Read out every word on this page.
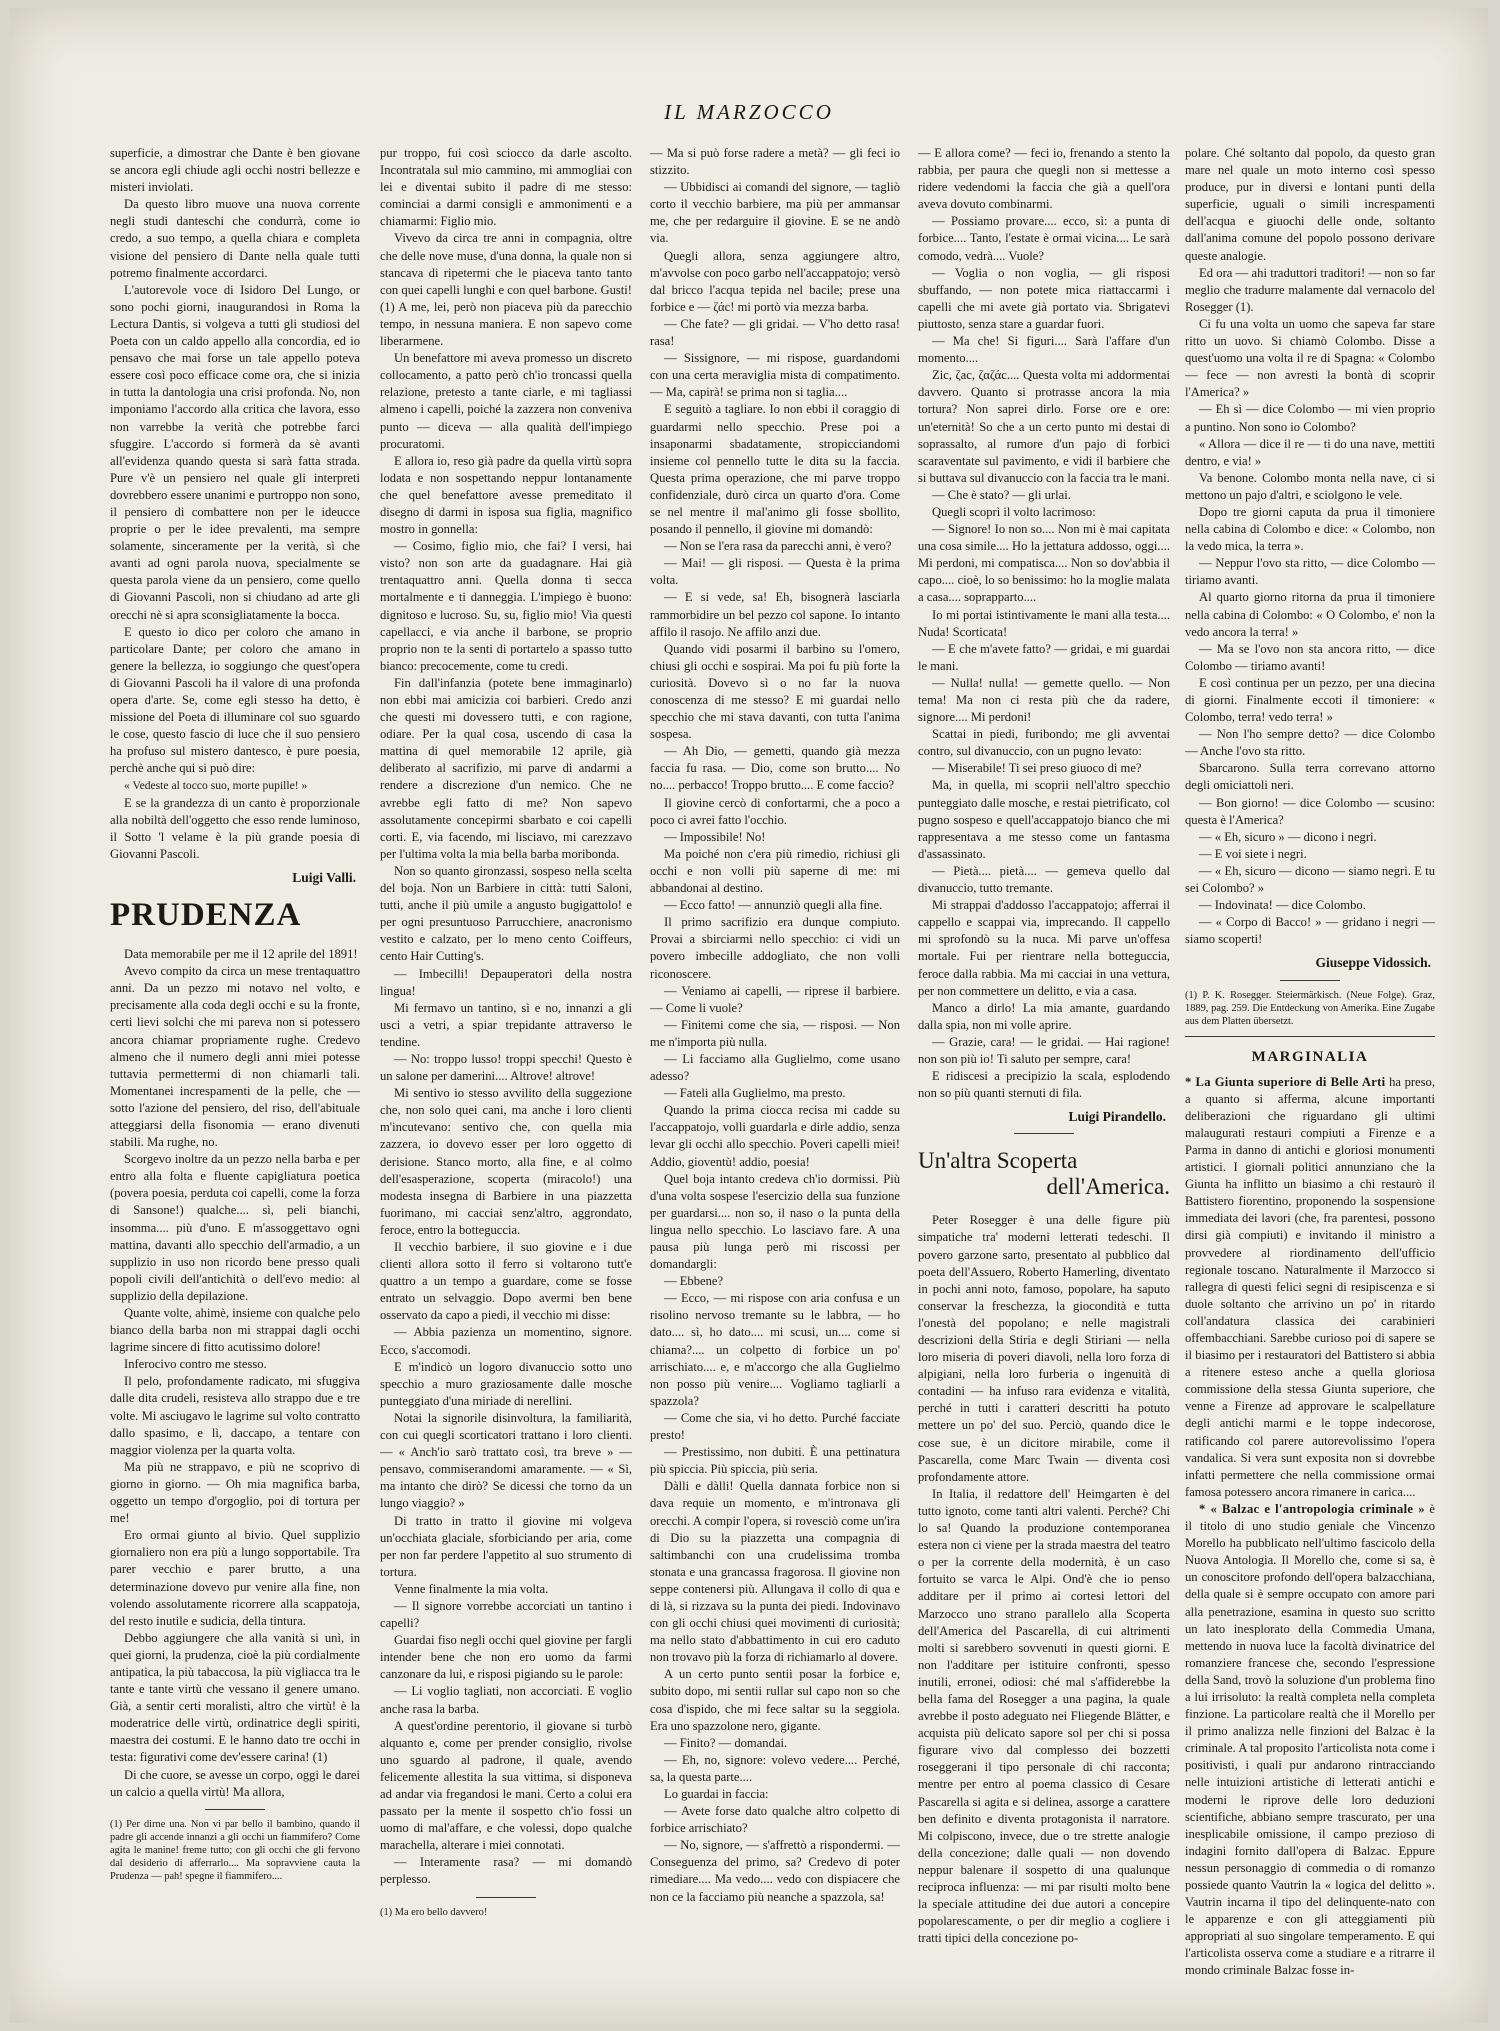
IL MARZOCCO

superficie, a dimostrar che Dante è ben giovane se ancora egli chiude agli occhi nostri bellezze e misteri inviolati.

Da questo libro muove una nuova corrente negli studi danteschi che condurrà, come io credo, a suo tempo, a quella chiara e completa visione del pensiero di Dante nella quale tutti potremo finalmente accordarci.

L'autorevole voce di Isidoro Del Lungo, or sono pochi giorni, inaugurandosi in Roma la Lectura Dantis, si volgeva a tutti gli studiosi del Poeta con un caldo appello alla concordia, ed io pensavo che mai forse un tale appello poteva essere così poco efficace come ora, che si inizia in tutta la dantologia una crisi profonda. No, non imponiamo l'accordo alla critica che lavora, esso non varrebbe la verità che potrebbe farci sfuggire. L'accordo si formerà da sè avanti all'evidenza quando questa si sarà fatta strada. Pure v'è un pensiero nel quale gli interpreti dovrebbero essere unanimi e purtroppo non sono, il pensiero di combattere non per le ideucce proprie o per le idee prevalenti, ma sempre solamente, sinceramente per la verità, sì che avanti ad ogni parola nuova, specialmente se questa parola viene da un pensiero, come quello di Giovanni Pascoli, non si chiudano ad arte gli orecchi nè si apra sconsigliatamente la bocca.

E questo io dico per coloro che amano in particolare Dante; per coloro che amano in genere la bellezza, io soggiungo che quest'opera di Giovanni Pascoli ha il valore di una profonda opera d'arte. Se, come egli stesso ha detto, è missione del Poeta di illuminare col suo sguardo le cose, questo fascio di luce che il suo pensiero ha profuso sul mistero dantesco, è pure poesia, perchè anche qui si può dire:

« Vedeste al tocco suo, morte pupille! »

E se la grandezza di un canto è proporzionale alla nobiltà dell'oggetto che esso rende luminoso, il Sotto 'l velame è la più grande poesia di Giovanni Pascoli.

Luigi Valli.
PRUDENZA

Data memorabile per me il 12 aprile del 1891!

Avevo compito da circa un mese trentaquattro anni. Da un pezzo mi notavo nel volto, e precisamente alla coda degli occhi e su la fronte, certi lievi solchi che mi pareva non si potessero ancora chiamar propriamente rughe. Credevo almeno che il numero degli anni miei potesse tuttavia permettermi di non chiamarli tali. Momentanei increspamenti de la pelle, che — sotto l'azione del pensiero, del riso, dell'abituale atteggiarsi della fisonomia — erano divenuti stabili. Ma rughe, no.

Scorgevo inoltre da un pezzo nella barba e per entro alla folta e fluente capigliatura poetica (povera poesia, perduta coi capelli, come la forza di Sansone!) qualche.... sì, peli bianchi, insomma.... più d'uno. E m'assoggettavo ogni mattina, davanti allo specchio dell'armadio, a un supplizio in uso non ricordo bene presso quali popoli civili dell'antichità o dell'evo medio: al supplizio della depilazione.

Quante volte, ahimè, insieme con qualche pelo bianco della barba non mi strappai dagli occhi lagrime sincere di fitto acutissimo dolore!

Inferocivo contro me stesso.

Il pelo, profondamente radicato, mi sfuggiva dalle dita crudeli, resisteva allo strappo due e tre volte. Mi asciugavo le lagrime sul volto contratto dallo spasimo, e lì, daccapo, a tentare con maggior violenza per la quarta volta.

Ma più ne strappavo, e più ne scoprivo di giorno in giorno. — Oh mia magnifica barba, oggetto un tempo d'orgoglio, poi di tortura per me!

Ero ormai giunto al bivio. Quel supplizio giornaliero non era più a lungo sopportabile. Tra parer vecchio e parer brutto, a una determinazione dovevo pur venire alla fine, non volendo assolutamente ricorrere alla scappatoja, del resto inutile e sudicia, della tintura.

Debbo aggiungere che alla vanità si unì, in quei giorni, la prudenza, cioè la più cordialmente antipatica, la più tabaccosa, la più vigliacca tra le tante e tante virtù che vessano il genere umano. Già, a sentir certi moralisti, altro che virtù! è la moderatrice delle virtù, ordinatrice degli spiriti, maestra dei costumi. E le hanno dato tre occhi in testa: figurativi come dev'essere carina! (1)

Di che cuore, se avesse un corpo, oggi le darei un calcio a quella virtù! Ma allora,

(1) Per dirne una. Non vi par bello il bambino, quando il padre gli accende innanzi a gli occhi un fiammifero? Come agita le manine! freme tutto; con gli occhi che gli fervono dal desiderio di afferrarlo.... Ma sopravviene cauta la Prudenza — pah! spegne il fiammifero....

pur troppo, fui così sciocco da darle ascolto. Incontratala sul mio cammino, mi ammogliai con lei e diventai subito il padre di me stesso: cominciai a darmi consigli e ammonimenti e a chiamarmi: Figlio mio.

Vivevo da circa tre anni in compagnia, oltre che delle nove muse, d'una donna, la quale non si stancava di ripetermi che le piaceva tanto tanto con quei capelli lunghi e con quel barbone. Gusti! (1) A me, lei, però non piaceva più da parecchio tempo, in nessuna maniera. E non sapevo come liberarmene.

Un benefattore mi aveva promesso un discreto collocamento, a patto però ch'io troncassi quella relazione, pretesto a tante ciarle, e mi tagliassi almeno i capelli, poiché la zazzera non conveniva punto — diceva — alla qualità dell'impiego procuratomi.

E allora io, reso già padre da quella virtù sopra lodata e non sospettando neppur lontanamente che quel benefattore avesse premeditato il disegno di darmi in isposa sua figlia, magnifico mostro in gonnella:

— Cosimo, figlio mio, che fai? I versi, hai visto? non son arte da guadagnare. Hai già trentaquattro anni. Quella donna ti secca mortalmente e ti danneggia. L'impiego è buono: dignitoso e lucroso. Su, su, figlio mio! Via questi capellacci, e via anche il barbone, se proprio proprio non te la senti di portartelo a spasso tutto bianco: precocemente, come tu credi.

Fin dall'infanzia (potete bene immaginarlo) non ebbi mai amicizia coi barbieri. Credo anzi che questi mi dovessero tutti, e con ragione, odiare. Per la qual cosa, uscendo di casa la mattina di quel memorabile 12 aprile, già deliberato al sacrifizio, mi parve di andarmi a rendere a discrezione d'un nemico. Che ne avrebbe egli fatto di me? Non sapevo assolutamente concepirmi sbarbato e coi capelli corti. E, via facendo, mi lisciavo, mi carezzavo per l'ultima volta la mia bella barba moribonda.

Non so quanto gironzassi, sospeso nella scelta del boja. Non un Barbiere in città: tutti Saloni, tutti, anche il più umile a angusto bugigattolo! e per ogni presuntuoso Parrucchiere, anacronismo vestito e calzato, per lo meno cento Coiffeurs, cento Hair Cutting's.

— Imbecilli! Depauperatori della nostra lingua!

Mi fermavo un tantino, sì e no, innanzi a gli usci a vetri, a spiar trepidante attraverso le tendine.

— No: troppo lusso! troppi specchi! Questo è un salone per damerini.... Altrove! altrove!

Mi sentivo io stesso avvilito della suggezione che, non solo quei cani, ma anche i loro clienti m'incutevano: sentivo che, con quella mia zazzera, io dovevo esser per loro oggetto di derisione. Stanco morto, alla fine, e al colmo dell'esasperazione, scoperta (miracolo!) una modesta insegna di Barbiere in una piazzetta fuorimano, mi cacciai senz'altro, aggrondato, feroce, entro la botteguccia.

Il vecchio barbiere, il suo giovine e i due clienti allora sotto il ferro si voltarono tutt'e quattro a un tempo a guardare, come se fosse entrato un selvaggio. Dopo avermi ben bene osservato da capo a piedi, il vecchio mi disse:

— Abbia pazienza un momentino, signore. Ecco, s'accomodi.

E m'indicò un logoro divanuccio sotto uno specchio a muro graziosamente dalle mosche punteggiato d'una miriade di nerellini.

Notai la signorile disinvoltura, la familiarità, con cui quegli scorticatori trattano i loro clienti. — « Anch'io sarò trattato così, tra breve » — pensavo, commiserandomi amaramente. — « Sì, ma intanto che dirò? Se dicessi che torno da un lungo viaggio? »

Di tratto in tratto il giovine mi volgeva un'occhiata glaciale, sforbiciando per aria, come per non far perdere l'appetito al suo strumento di tortura.

Venne finalmente la mia volta.

— Il signore vorrebbe accorciati un tantino i capelli?

Guardai fiso negli occhi quel giovine per fargli intender bene che non ero uomo da farmi canzonare da lui, e risposi pigiando su le parole:

— Li voglio tagliati, non accorciati. E voglio anche rasa la barba.

A quest'ordine perentorio, il giovane si turbò alquanto e, come per prender consiglio, rivolse uno sguardo al padrone, il quale, avendo felicemente allestita la sua vittima, si disponeva ad andar via fregandosi le mani. Certo a colui era passato per la mente il sospetto ch'io fossi un uomo di mal'affare, e che volessi, dopo qualche marachella, alterare i miei connotati.

— Interamente rasa? — mi domandò perplesso.

(1) Ma ero bello davvero!

— Ma si può forse radere a metà? — gli feci io stizzito.

— Ubbidisci ai comandi del signore, — tagliò corto il vecchio barbiere, ma più per ammansar me, che per redarguire il giovine. E se ne andò via.

Quegli allora, senza aggiungere altro, m'avvolse con poco garbo nell'accappatojo; versò dal bricco l'acqua tepida nel bacile; prese una forbice e — ζάc! mi portò via mezza barba.

— Che fate? — gli gridai. — V'ho detto rasa! rasa!

— Sissignore, — mi rispose, guardandomi con una certa meraviglia mista di compatimento. — Ma, capirà! se prima non si taglia....

E seguitò a tagliare. Io non ebbi il coraggio di guardarmi nello specchio. Prese poi a insaponarmi sbadatamente, stropicciandomi insieme col pennello tutte le dita su la faccia. Questa prima operazione, che mi parve troppo confidenziale, durò circa un quarto d'ora. Come se nel mentre il mal'animo gli fosse sbollito, posando il pennello, il giovine mi domandò:

— Non se l'era rasa da parecchi anni, è vero?

— Mai! — gli risposi. — Questa è la prima volta.

— E si vede, sa! Eh, bisognerà lasciarla rammorbidire un bel pezzo col sapone. Io intanto affilo il rasojo. Ne affilo anzi due.

Quando vidi posarmi il barbino su l'omero, chiusi gli occhi e sospirai. Ma poi fu più forte la curiosità. Dovevo sì o no far la nuova conoscenza di me stesso? E mi guardai nello specchio che mi stava davanti, con tutta l'anima sospesa.

— Ah Dio, — gemetti, quando già mezza faccia fu rasa. — Dio, come son brutto.... No no.... perbacco! Troppo brutto.... E come faccio?

Il giovine cercò di confortarmi, che a poco a poco ci avrei fatto l'occhio.

— Impossibile! No!

Ma poiché non c'era più rimedio, richiusi gli occhi e non volli più saperne di me: mi abbandonai al destino.

— Ecco fatto! — annunziò quegli alla fine.

Il primo sacrifizio era dunque compiuto. Provai a sbirciarmi nello specchio: ci vidi un povero imbecille addogliato, che non volli riconoscere.

— Veniamo ai capelli, — riprese il barbiere. — Come li vuole?

— Finitemi come che sia, — risposi. — Non me n'importa più nulla.

— Li facciamo alla Guglielmo, come usano adesso?

— Fateli alla Guglielmo, ma presto.

Quando la prima ciocca recisa mi cadde su l'accappatojo, volli guardarla e dirle addio, senza levar gli occhi allo specchio. Poveri capelli miei! Addio, gioventù! addio, poesia!

Quel boja intanto credeva ch'io dormissi. Più d'una volta sospese l'esercizio della sua funzione per guardarsi.... non so, il naso o la punta della lingua nello specchio. Lo lasciavo fare. A una pausa più lunga però mi riscossi per domandargli:

— Ebbene?

— Ecco, — mi rispose con aria confusa e un risolino nervoso tremante su le labbra, — ho dato.... sì, ho dato.... mi scusi, un.... come si chiama?.... un colpetto di forbice un po' arrischiato.... e, e m'accorgo che alla Guglielmo non posso più venire.... Vogliamo tagliarli a spazzola?

— Come che sia, vi ho detto. Purché facciate presto!

— Prestissimo, non dubiti. È una pettinatura più spiccia. Più spiccia, più seria.

Dàlli e dàlli! Quella dannata forbice non si dava requie un momento, e m'intronava gli orecchi. A compir l'opera, si rovesciò come un'ira di Dio su la piazzetta una compagnia di saltimbanchi con una crudelissima tromba stonata e una grancassa fragorosa. Il giovine non seppe contenersi più. Allungava il collo di qua e di là, si rizzava su la punta dei piedi. Indovinavo con gli occhi chiusi quei movimenti di curiosità; ma nello stato d'abbattimento in cui ero caduto non trovavo più la forza di richiamarlo al dovere.

A un certo punto sentii posar la forbice e, subito dopo, mi sentii rullar sul capo non so che cosa d'ispido, che mi fece saltar su la seggiola. Era uno spazzolone nero, gigante.

— Finito? — domandai.

— Eh, no, signore: volevo vedere.... Perché, sa, la questa parte....

Lo guardai in faccia:

— Avete forse dato qualche altro colpetto di forbice arrischiato?

— No, signore, — s'affrettò a rispondermi. — Conseguenza del primo, sa? Credevo di poter rimediare.... Ma vedo.... vedo con dispiacere che non ce la facciamo più neanche a spazzola, sa!

— E allora come? — feci io, frenando a stento la rabbia, per paura che quegli non si mettesse a ridere vedendomi la faccia che già a quell'ora aveva dovuto combinarmi.

— Possiamo provare.... ecco, sì: a punta di forbice.... Tanto, l'estate è ormai vicina.... Le sarà comodo, vedrà.... Vuole?

— Voglia o non voglia, — gli risposi sbuffando, — non potete mica riattaccarmi i capelli che mi avete già portato via. Sbrigatevi piuttosto, senza stare a guardar fuori.

— Ma che! Si figuri.... Sarà l'affare d'un momento....

Zic, ζac, ζαζάc.... Questa volta mi addormentai davvero. Quanto si protrasse ancora la mia tortura? Non saprei dirlo. Forse ore e ore: un'eternità! So che a un certo punto mi destai di soprassalto, al rumore d'un pajo di forbici scaraventate sul pavimento, e vidi il barbiere che si buttava sul divanuccio con la faccia tra le mani.

— Che è stato? — gli urlai.

Quegli scoprì il volto lacrimoso:

— Signore! Io non so.... Non mi è mai capitata una cosa simile.... Ho la jettatura addosso, oggi.... Mi perdoni, mi compatisca.... Non so dov'abbia il capo.... cioè, lo so benissimo: ho la moglie malata a casa.... soprapparto....

Io mi portai istintivamente le mani alla testa.... Nuda! Scorticata!

— E che m'avete fatto? — gridai, e mi guardai le mani.

— Nulla! nulla! — gemette quello. — Non tema! Ma non ci resta più che da radere, signore.... Mi perdoni!

Scattai in piedi, furibondo; me gli avventai contro, sul divanuccio, con un pugno levato:

— Miserabile! Ti sei preso giuoco di me?

Ma, in quella, mi scoprii nell'altro specchio punteggiato dalle mosche, e restai pietrificato, col pugno sospeso e quell'accappatojo bianco che mi rappresentava a me stesso come un fantasma d'assassinato.

— Pietà.... pietà.... — gemeva quello dal divanuccio, tutto tremante.

Mi strappai d'addosso l'accappatojo; afferrai il cappello e scappai via, imprecando. Il cappello mi sprofondò su la nuca. Mi parve un'offesa mortale. Fui per rientrare nella botteguccia, feroce dalla rabbia. Ma mi cacciai in una vettura, per non commettere un delitto, e via a casa.

Manco a dirlo! La mia amante, guardando dalla spia, non mi volle aprire.

— Grazie, cara! — le gridai. — Hai ragione! non son più io! Ti saluto per sempre, cara!

E ridiscesi a precipizio la scala, esplodendo non so più quanti sternuti di fila.

Luigi Pirandello.
Un'altra Scoperta
dell'America.

Peter Rosegger è una delle figure più simpatiche tra' moderni letterati tedeschi. Il povero garzone sarto, presentato al pubblico dal poeta dell'Assuero, Roberto Hamerling, diventato in pochi anni noto, famoso, popolare, ha saputo conservar la freschezza, la giocondità e tutta l'onestà del popolano; e nelle magistrali descrizioni della Stiria e degli Stiriani — nella loro miseria di poveri diavoli, nella loro forza di alpigiani, nella loro furberia o ingenuità di contadini — ha infuso rara evidenza e vitalità, perché in tutti i caratteri descritti ha potuto mettere un po' del suo. Perciò, quando dice le cose sue, è un dicitore mirabile, come il Pascarella, come Marc Twain — diventa così profondamente attore.

In Italia, il redattore dell' Heimgarten è del tutto ignoto, come tanti altri valenti. Perché? Chi lo sa! Quando la produzione contemporanea estera non ci viene per la strada maestra del teatro o per la corrente della modernità, è un caso fortuito se varca le Alpi. Ond'è che io penso additare per il primo ai cortesi lettori del Marzocco uno strano parallelo alla Scoperta dell'America del Pascarella, di cui altrimenti molti si sarebbero sovvenuti in questi giorni. E non l'additare per istituire confronti, spesso inutili, erronei, odiosi: ché mal s'affiderebbe la bella fama del Rosegger a una pagina, la quale avrebbe il posto adeguato nei Fliegende Blätter, e acquista più delicato sapore sol per chi si possa figurare vivo dal complesso dei bozzetti roseggerani il tipo personale di chi racconta; mentre per entro al poema classico di Cesare Pascarella si agita e si delinea, assorge a carattere ben definito e diventa protagonista il narratore. Mi colpiscono, invece, due o tre strette analogie della concezione; dalle quali — non dovendo neppur balenare il sospetto di una qualunque reciproca influenza: — mi par risulti molto bene la speciale attitudine dei due autori a concepire popolarescamente, o per dir meglio a cogliere i tratti tipici della concezione po-

polare. Ché soltanto dal popolo, da questo gran mare nel quale un moto interno così spesso produce, pur in diversi e lontani punti della superficie, uguali o simili increspamenti dell'acqua e giuochi delle onde, soltanto dall'anima comune del popolo possono derivare queste analogie.

Ed ora — ahi traduttori traditori! — non so far meglio che tradurre malamente dal vernacolo del Rosegger (1).

Ci fu una volta un uomo che sapeva far stare ritto un uovo. Si chiamò Colombo. Disse a quest'uomo una volta il re di Spagna: « Colombo — fece — non avresti la bontà di scoprir l'America? »

— Eh sì — dice Colombo — mi vien proprio a puntino. Non sono io Colombo?

« Allora — dice il re — ti do una nave, mettiti dentro, e via! »

Va benone. Colombo monta nella nave, ci si mettono un pajo d'altri, e sciolgono le vele.

Dopo tre giorni caputa da prua il timoniere nella cabina di Colombo e dice: « Colombo, non la vedo mica, la terra ».

— Neppur l'ovo sta ritto, — dice Colombo — tiriamo avanti.

Al quarto giorno ritorna da prua il timoniere nella cabina di Colombo: « O Colombo, e' non la vedo ancora la terra! »

— Ma se l'ovo non sta ancora ritto, — dice Colombo — tiriamo avanti!

E così continua per un pezzo, per una diecina di giorni. Finalmente eccoti il timoniere: « Colombo, terra! vedo terra! »

— Non l'ho sempre detto? — dice Colombo — Anche l'ovo sta ritto.

Sbarcarono. Sulla terra correvano attorno degli omiciattoli neri.

— Bon giorno! — dice Colombo — scusino: questa è l'America?

— « Eh, sicuro » — dicono i negri.

— E voi siete i negri.

— « Eh, sicuro — dicono — siamo negri. E tu sei Colombo? »

— Indovinata! — dice Colombo.

— « Corpo di Bacco! » — gridano i negri — siamo scoperti!

Giuseppe Vidossich.

(1) P. K. Rosegger. Steiermärkisch. (Neue Folge). Graz, 1889, pag. 259. Die Entdeckung von Amerika. Eine Zugabe aus dem Platten übersetzt.

MARGINALIA

* La Giunta superiore di Belle Arti ha preso, a quanto si afferma, alcune importanti deliberazioni che riguardano gli ultimi malaugurati restauri compiuti a Firenze e a Parma in danno di antichi e gloriosi monumenti artistici. I giornali politici annunziano che la Giunta ha inflitto un biasimo a chi restaurò il Battistero fiorentino, proponendo la sospensione immediata dei lavori (che, fra parentesi, possono dirsi già compiuti) e invitando il ministro a provvedere al riordinamento dell'ufficio regionale toscano. Naturalmente il Marzocco si rallegra di questi felici segni di resipiscenza e si duole soltanto che arrivino un po' in ritardo coll'andatura classica dei carabinieri offembacchiani. Sarebbe curioso poi di sapere se il biasimo per i restauratori del Battistero si abbia a ritenere esteso anche a quella gloriosa commissione della stessa Giunta superiore, che venne a Firenze ad approvare le scalpellature degli antichi marmi e le toppe indecorose, ratificando col parere autorevolissimo l'opera vandalica. Si vera sunt exposita non si dovrebbe infatti permettere che nella commissione ormai famosa potessero ancora rimanere in carica....

* « Balzac e l'antropologia criminale » è il titolo di uno studio geniale che Vincenzo Morello ha pubblicato nell'ultimo fascicolo della Nuova Antologia. Il Morello che, come si sa, è un conoscitore profondo dell'opera balzacchiana, della quale si è sempre occupato con amore pari alla penetrazione, esamina in questo suo scritto un lato inesplorato della Commedia Umana, mettendo in nuova luce la facoltà divinatrice del romanziere francese che, secondo l'espressione della Sand, trovò la soluzione d'un problema fino a lui irrisoluto: la realtà completa nella completa finzione. La particolare realtà che il Morello per il primo analizza nelle finzioni del Balzac è la criminale. A tal proposito l'articolista nota come i positivisti, i quali pur andarono rintracciando nelle intuizioni artistiche di letterati antichi e moderni le riprove delle loro deduzioni scientifiche, abbiano sempre trascurato, per una inesplicabile omissione, il campo prezioso di indagini fornito dall'opera di Balzac. Eppure nessun personaggio di commedia o di romanzo possiede quanto Vautrin la « logica del delitto ». Vautrin incarna il tipo del delinquente-nato con le apparenze e con gli atteggiamenti più appropriati al suo singolare temperamento. E qui l'articolista osserva come a studiare e a ritrarre il mondo criminale Balzac fosse in-
